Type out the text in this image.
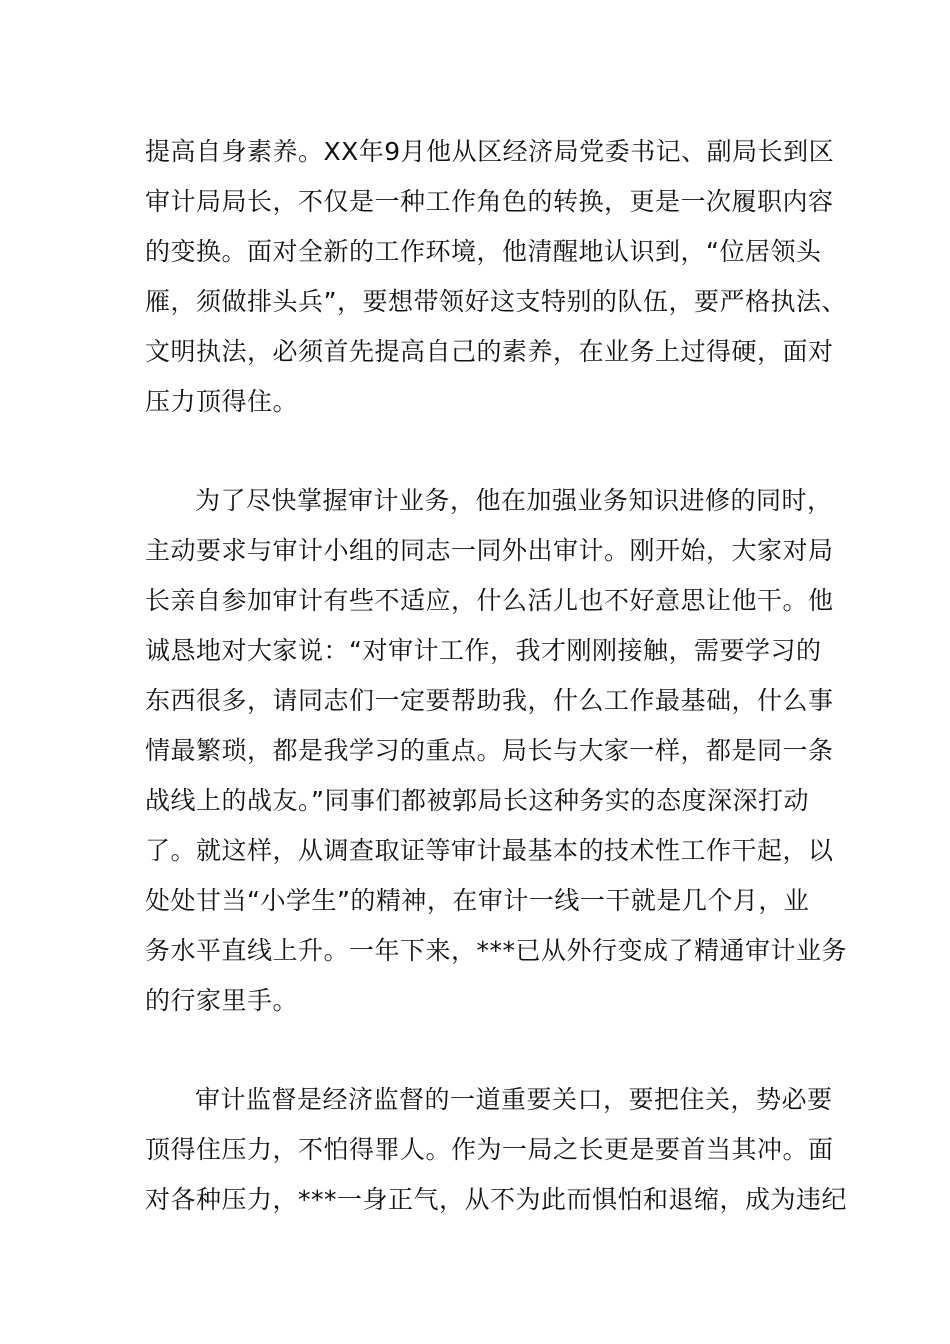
提高自身素养。XX年9月他从区经济局党委书记、副局长到区
审计局局长，不仅是一种工作角色的转换，更是一次履职内容
的变换。面对全新的工作环境，他清醒地认识到，“位居领头
雁，须做排头兵”，要想带领好这支特别的队伍，要严格执法、
文明执法，必须首先提高自己的素养，在业务上过得硬，面对
压力顶得住。
为了尽快掌握审计业务，他在加强业务知识进修的同时，
主动要求与审计小组的同志一同外出审计。刚开始，大家对局
长亲自参加审计有些不适应，什么活儿也不好意思让他干。他
诚恳地对大家说：“对审计工作，我才刚刚接触，需要学习的
东西很多，请同志们一定要帮助我，什么工作最基础，什么事
情最繁琐，都是我学习的重点。局长与大家一样，都是同一条
战线上的战友。”同事们都被郭局长这种务实的态度深深打动
了。就这样，从调查取证等审计最基本的技术性工作干起，以
处处甘当“小学生”的精神，在审计一线一干就是几个月，业
务水平直线上升。一年下来，***已从外行变成了精通审计业务
的行家里手。
审计监督是经济监督的一道重要关口，要把住关，势必要
顶得住压力，不怕得罪人。作为一局之长更是要首当其冲。面
对各种压力，***一身正气，从不为此而惧怕和退缩，成为违纪
